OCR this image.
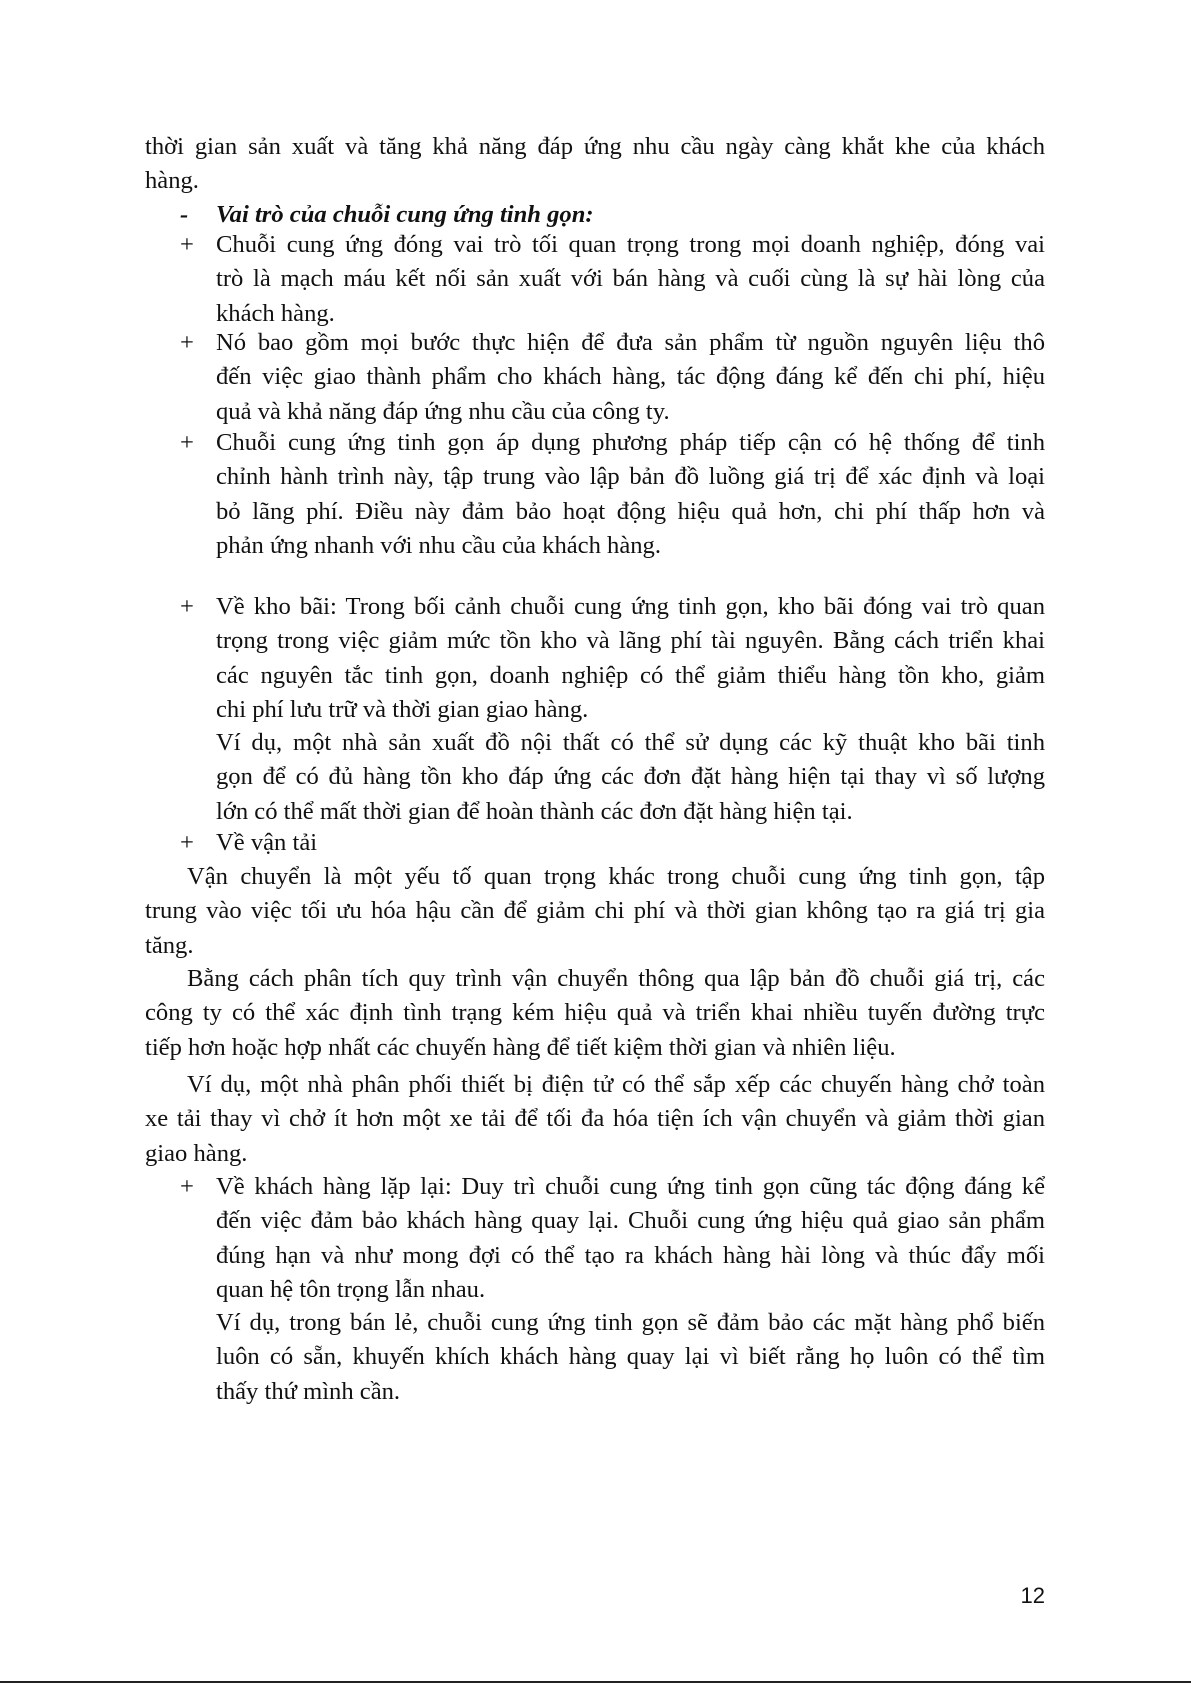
thời gian sản xuất và tăng khả năng đáp ứng nhu cầu ngày càng khắt khe của khách
hàng.
- Vai trò của chuỗi cung ứng tinh gọn:
+ Chuỗi cung ứng đóng vai trò tối quan trọng trong mọi doanh nghiệp, đóng vai
trò là mạch máu kết nối sản xuất với bán hàng và cuối cùng là sự hài lòng của
khách hàng.
+ Nó bao gồm mọi bước thực hiện để đưa sản phẩm từ nguồn nguyên liệu thô
đến việc giao thành phẩm cho khách hàng, tác động đáng kể đến chi phí, hiệu
quả và khả năng đáp ứng nhu cầu của công ty.
+ Chuỗi cung ứng tinh gọn áp dụng phương pháp tiếp cận có hệ thống để tinh
chỉnh hành trình này, tập trung vào lập bản đồ luồng giá trị để xác định và loại
bỏ lãng phí. Điều này đảm bảo hoạt động hiệu quả hơn, chi phí thấp hơn và
phản ứng nhanh với nhu cầu của khách hàng.
+ Về kho bãi: Trong bối cảnh chuỗi cung ứng tinh gọn, kho bãi đóng vai trò quan
trọng trong việc giảm mức tồn kho và lãng phí tài nguyên. Bằng cách triển khai
các nguyên tắc tinh gọn, doanh nghiệp có thể giảm thiểu hàng tồn kho, giảm
chi phí lưu trữ và thời gian giao hàng.
Ví dụ, một nhà sản xuất đồ nội thất có thể sử dụng các kỹ thuật kho bãi tinh
gọn để có đủ hàng tồn kho đáp ứng các đơn đặt hàng hiện tại thay vì số lượng
lớn có thể mất thời gian để hoàn thành các đơn đặt hàng hiện tại.
+ Về vận tải
Vận chuyển là một yếu tố quan trọng khác trong chuỗi cung ứng tinh gọn, tập
trung vào việc tối ưu hóa hậu cần để giảm chi phí và thời gian không tạo ra giá trị gia
tăng.
Bằng cách phân tích quy trình vận chuyển thông qua lập bản đồ chuỗi giá trị, các
công ty có thể xác định tình trạng kém hiệu quả và triển khai nhiều tuyến đường trực
tiếp hơn hoặc hợp nhất các chuyến hàng để tiết kiệm thời gian và nhiên liệu.
Ví dụ, một nhà phân phối thiết bị điện tử có thể sắp xếp các chuyến hàng chở toàn
xe tải thay vì chở ít hơn một xe tải để tối đa hóa tiện ích vận chuyển và giảm thời gian
giao hàng.
+ Về khách hàng lặp lại: Duy trì chuỗi cung ứng tinh gọn cũng tác động đáng kể
đến việc đảm bảo khách hàng quay lại. Chuỗi cung ứng hiệu quả giao sản phẩm
đúng hạn và như mong đợi có thể tạo ra khách hàng hài lòng và thúc đẩy mối
quan hệ tôn trọng lẫn nhau.
Ví dụ, trong bán lẻ, chuỗi cung ứng tinh gọn sẽ đảm bảo các mặt hàng phổ biến
luôn có sẵn, khuyến khích khách hàng quay lại vì biết rằng họ luôn có thể tìm
thấy thứ mình cần.
12
